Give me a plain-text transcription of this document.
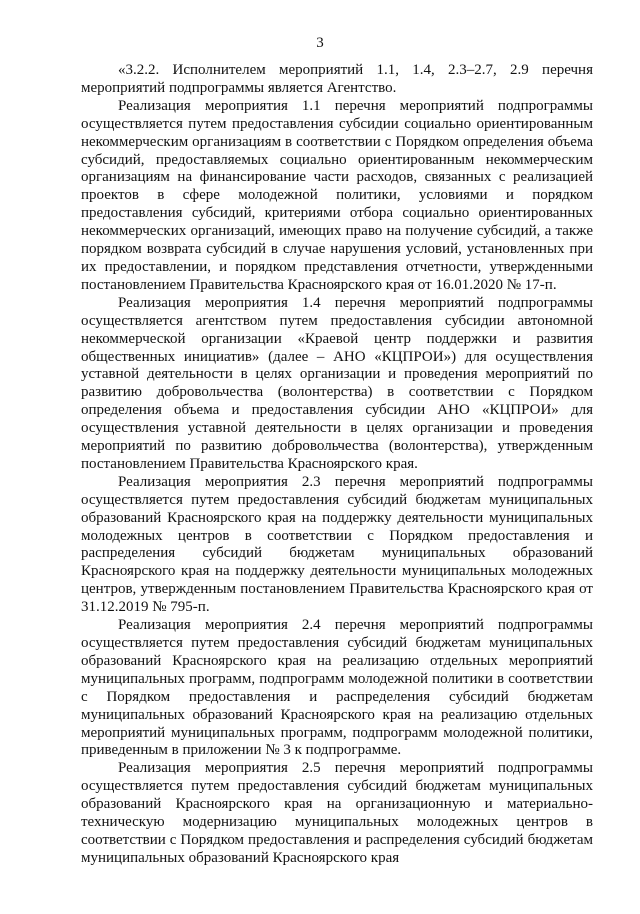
3

«3.2.2. Исполнителем мероприятий 1.1, 1.4, 2.3–2.7, 2.9 перечня мероприятий подпрограммы является Агентство.

Реализация мероприятия 1.1 перечня мероприятий подпрограммы осуществляется путем предоставления субсидии социально ориентированным некоммерческим организациям в соответствии с Порядком определения объема субсидий, предоставляемых социально ориентированным некоммерческим организациям на финансирование части расходов, связанных с реализацией проектов в сфере молодежной политики, условиями и порядком предоставления субсидий, критериями отбора социально ориентированных некоммерческих организаций, имеющих право на получение субсидий, а также порядком возврата субсидий в случае нарушения условий, установленных при их предоставлении, и порядком представления отчетности, утвержденными постановлением Правительства Красноярского края от 16.01.2020 № 17-п.

Реализация мероприятия 1.4 перечня мероприятий подпрограммы осуществляется агентством путем предоставления субсидии автономной некоммерческой организации «Краевой центр поддержки и развития общественных инициатив» (далее – АНО «КЦПРОИ») для осуществления уставной деятельности в целях организации и проведения мероприятий по развитию добровольчества (волонтерства) в соответствии с Порядком определения объема и предоставления субсидии АНО «КЦПРОИ» для осуществления уставной деятельности в целях организации и проведения мероприятий по развитию добровольчества (волонтерства), утвержденным постановлением Правительства Красноярского края.

Реализация мероприятия 2.3 перечня мероприятий подпрограммы осуществляется путем предоставления субсидий бюджетам муниципальных образований Красноярского края на поддержку деятельности муниципальных молодежных центров в соответствии с Порядком предоставления и распределения субсидий бюджетам муниципальных образований Красноярского края на поддержку деятельности муниципальных молодежных центров, утвержденным постановлением Правительства Красноярского края от 31.12.2019 № 795-п.

Реализация мероприятия 2.4 перечня мероприятий подпрограммы осуществляется путем предоставления субсидий бюджетам муниципальных образований Красноярского края на реализацию отдельных мероприятий муниципальных программ, подпрограмм молодежной политики в соответствии с Порядком предоставления и распределения субсидий бюджетам муниципальных образований Красноярского края на реализацию отдельных мероприятий муниципальных программ, подпрограмм молодежной политики, приведенным в приложении № 3 к подпрограмме.

Реализация мероприятия 2.5 перечня мероприятий подпрограммы осуществляется путем предоставления субсидий бюджетам муниципальных образований Красноярского края на организационную и материально-техническую модернизацию муниципальных молодежных центров в соответствии с Порядком предоставления и распределения субсидий бюджетам муниципальных образований Красноярского края
